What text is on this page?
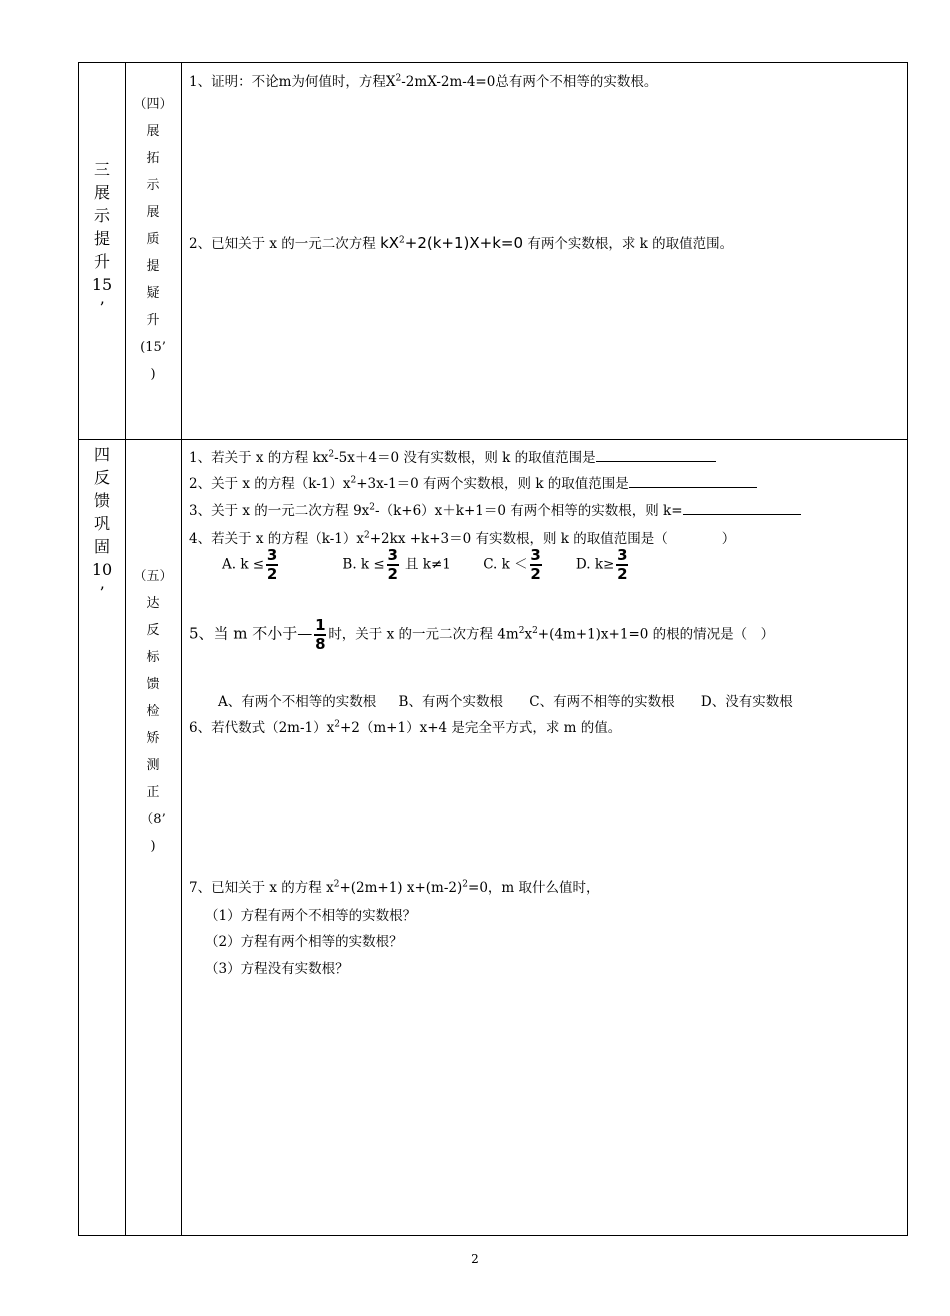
三
展
示
提
升
15
’
（四）
展
拓
示
展
质
提
疑
升
(15’
)
四
反
馈
巩
固
10
’
（五）
达
反
标
馈
检
矫
测
正
（8’
)
1、证明：不论m为何值时，方程$X^2-2mX-2m-4=0$总有两个不相等的实数根。
2、已知关于 x 的一元二次方程 $kX^2+2(k+1)X+k=0$ 有两个实数根，求 k 的取值范围。
1、若关于 x 的方程 $kx^2-5x+4=0$ 没有实数根，则 k 的取值范围是
2、关于 x 的方程$(k-1)x^2+3x-1=0$ 有两个实数根，则 k 的取值范围是
3、关于 x 的一元二次方程 $9x^2-(k+6)x+k+1=0$ 有两个相等的实数根，则 k=
4、若关于 x 的方程$(k-1)x^2+2kx +k+3=0$ 有实数根，则 k 的取值范围是（　　　　）
A. $k \le \frac{3}{2}$	B. $k \le \frac{3}{2}$ 且 k≠1 C. $k < \frac{3}{2}$	D. $k\ge \frac{3}{2}$
5、当 m 不小于— $\frac{1}{8}$ 时，关于 x 的一元二次方程 $4m^2x^2+(4m+1)x+1=0$ 的根的情况是（　）
A、有两个不相等的实数根 B、有两个实数根 C、有两不相等的实数根 D、没有实数根
6、若代数式$(2m-1)x^2+2(m+1)x+4$ 是完全平方式，求 m 的值。
7、已知关于 x 的方程 $x^2+(2m+1)$ $x+(m-2)^2=0$，m 取什么值时，
（1）方程有两个不相等的实数根？
（2）方程有两个相等的实数根？
（3）方程没有实数根？
2
